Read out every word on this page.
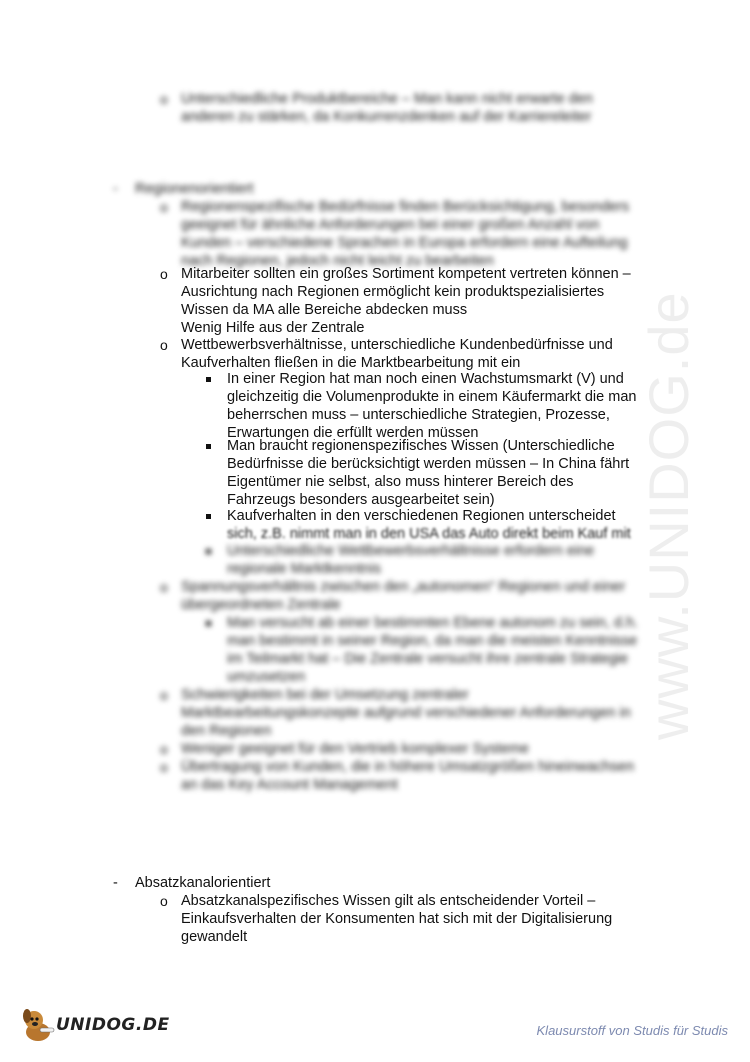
www.UNIDOG.de
o Unterschiedliche Produktbereiche – Man kann nicht erwarte den
anderen zu stärken, da Konkurrenzdenken auf der Karriereleiter
- Regionenorientiert
o Regionenspezifische Bedürfnisse finden Berücksichtigung, besonders
geeignet für ähnliche Anforderungen bei einer großen Anzahl von
Kunden – verschiedene Sprachen in Europa erfordern eine Aufteilung
nach Regionen, jedoch nicht leicht zu bearbeiten
o Mitarbeiter sollten ein großes Sortiment kompetent vertreten können –
Ausrichtung nach Regionen ermöglicht kein produktspezialisiertes
Wissen da MA alle Bereiche abdecken muss
Wenig Hilfe aus der Zentrale
o Wettbewerbsverhältnisse, unterschiedliche Kundenbedürfnisse und
Kaufverhalten fließen in die Marktbearbeitung mit ein
In einer Region hat man noch einen Wachstumsmarkt (V) und
gleichzeitig die Volumenprodukte in einem Käufermarkt die man
beherrschen muss – unterschiedliche Strategien, Prozesse,
Erwartungen die erfüllt werden müssen
Man braucht regionenspezifisches Wissen (Unterschiedliche
Bedürfnisse die berücksichtigt werden müssen – In China fährt
Eigentümer nie selbst, also muss hinterer Bereich des
Fahrzeugs besonders ausgearbeitet sein)
Kaufverhalten in den verschiedenen Regionen unterscheidet
sich, z.B. nimmt man in den USA das Auto direkt beim Kauf mit
Unterschiedliche Wettbewerbsverhältnisse erfordern eine
regionale Marktkenntnis
o Spannungsverhältnis zwischen den „autonomen“ Regionen und einer
übergeordneten Zentrale
Man versucht ab einer bestimmten Ebene autonom zu sein, d.h.
man bestimmt in seiner Region, da man die meisten Kenntnisse
im Teilmarkt hat – Die Zentrale versucht ihre zentrale Strategie
umzusetzen
o Schwierigkeiten bei der Umsetzung zentraler
Marktbearbeitungskonzepte aufgrund verschiedener Anforderungen in
den Regionen
o Weniger geeignet für den Vertrieb komplexer Systeme
o Übertragung von Kunden, die in höhere Umsatzgrößen hineinwachsen
an das Key Account Management
- Absatzkanalorientiert
o Absatzkanalspezifisches Wissen gilt als entscheidender Vorteil –
Einkaufsverhalten der Konsumenten hat sich mit der Digitalisierung
gewandelt
UNIDOG.DE	Klausurstoff von Studis für Studis
